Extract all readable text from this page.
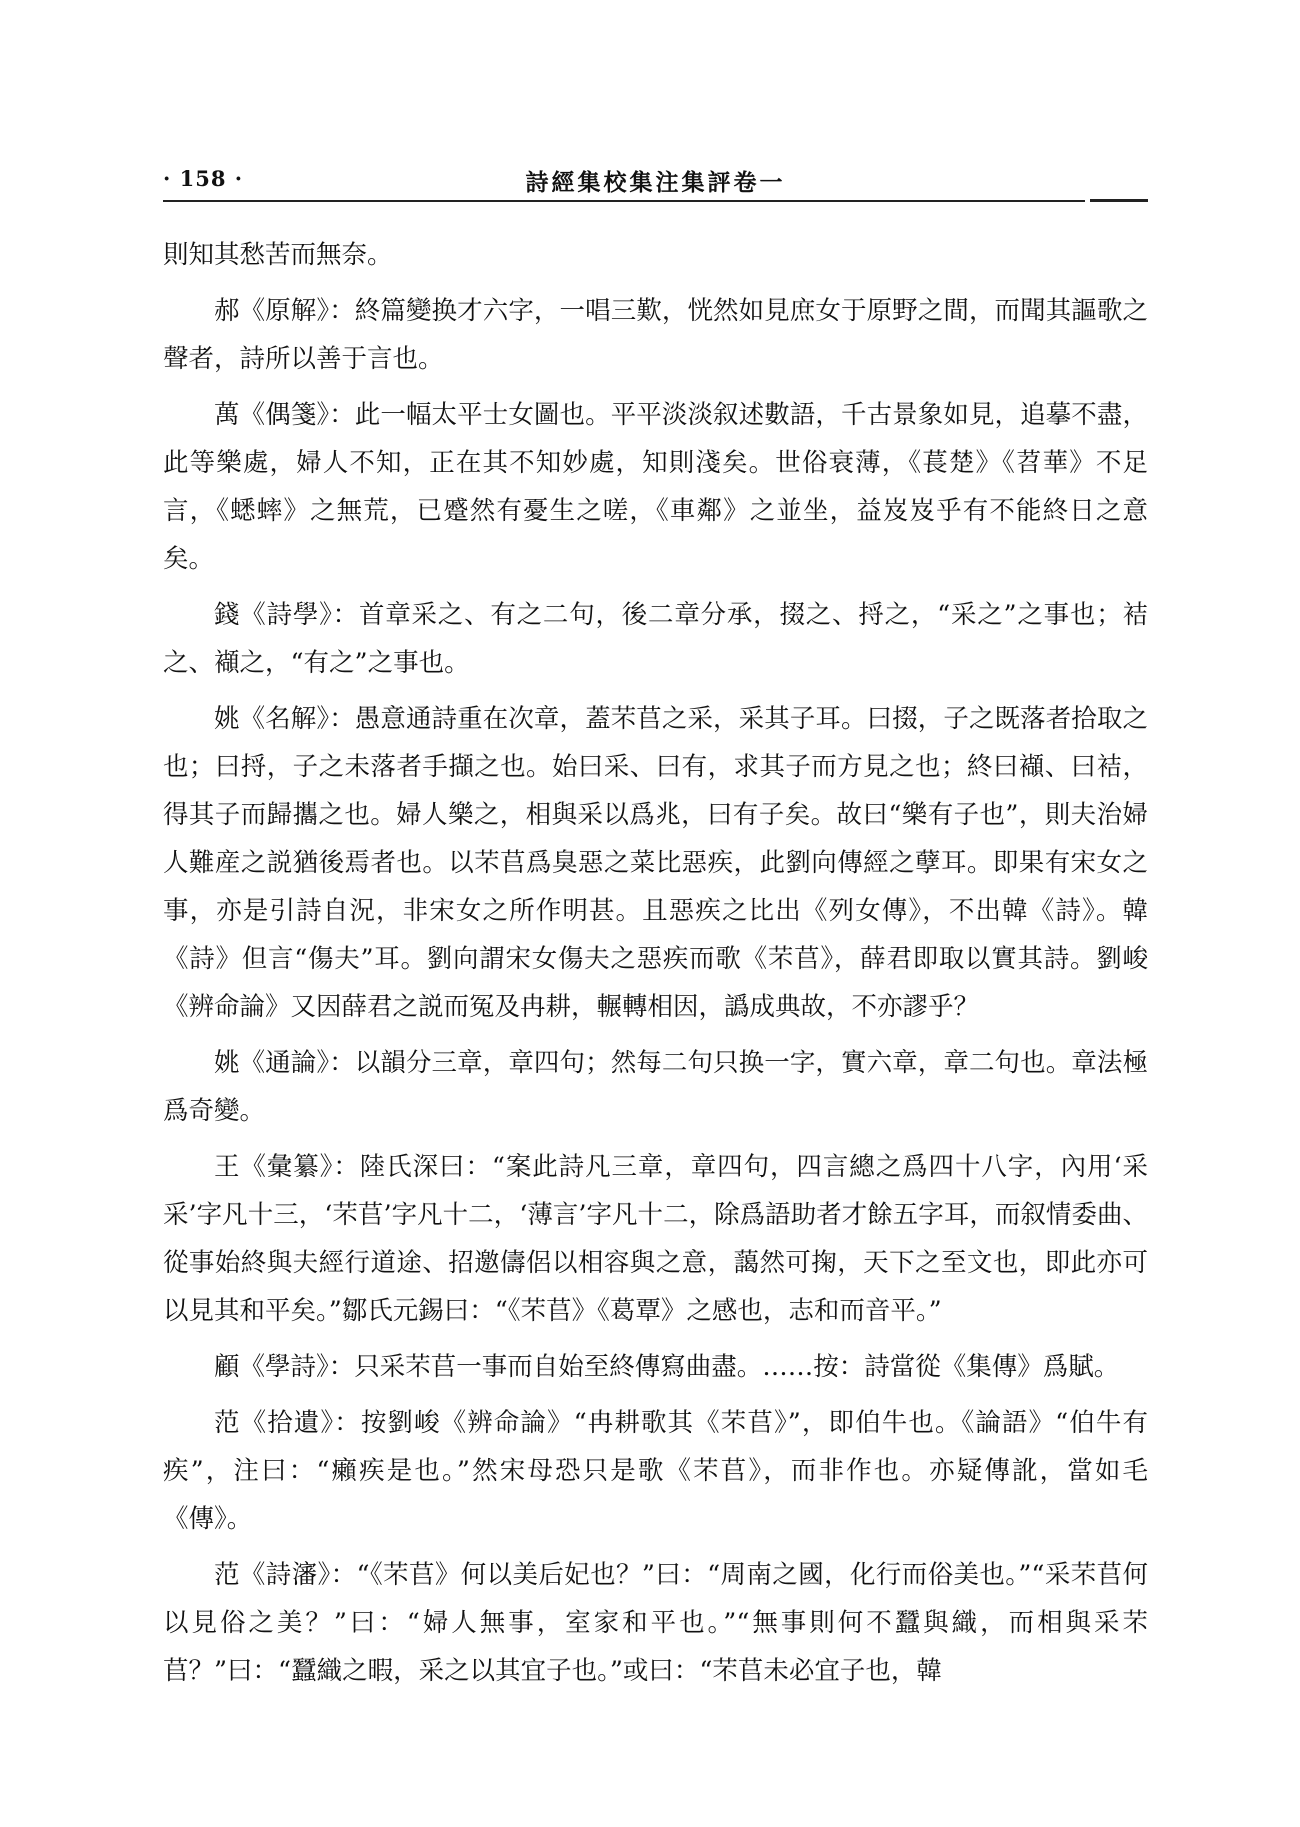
· 158 ·	詩經集校集注集評卷一

則知其愁苦而無奈。

郝《原解》：終篇變换才六字，一唱三歎，恍然如見庶女于原野之間，而聞其謳歌之聲者，詩所以善于言也。

萬《偶箋》：此一幅太平士女圖也。平平淡淡叙述數語，千古景象如見，追摹不盡，此等樂處，婦人不知，正在其不知妙處，知則淺矣。世俗衰薄，《萇楚》《苕華》不足言，《蟋蟀》之無荒，已蹙然有憂生之嗟，《車鄰》之並坐，益岌岌乎有不能終日之意矣。

錢《詩學》：首章采之、有之二句，後二章分承，掇之、捋之，“采之”之事也；袺之、襭之，“有之”之事也。

姚《名解》：愚意通詩重在次章，蓋芣苢之采，采其子耳。曰掇，子之既落者拾取之也；曰捋，子之未落者手擷之也。始曰采、曰有，求其子而方見之也；終曰襭、曰袺，得其子而歸攜之也。婦人樂之，相與采以爲兆，曰有子矣。故曰“樂有子也”，則夫治婦人難産之説猶後焉者也。以芣苢爲臭惡之菜比惡疾，此劉向傳經之孽耳。即果有宋女之事，亦是引詩自況，非宋女之所作明甚。且惡疾之比出《列女傳》，不出韓《詩》。韓《詩》但言“傷夫”耳。劉向謂宋女傷夫之惡疾而歌《芣苢》，薛君即取以實其詩。劉峻《辨命論》又因薛君之説而冤及冉耕，輾轉相因，譌成典故，不亦謬乎？

姚《通論》：以韻分三章，章四句；然每二句只换一字，實六章，章二句也。章法極爲奇變。

王《彙纂》：陸氏深曰：“案此詩凡三章，章四句，四言總之爲四十八字，內用‘采采’字凡十三，‘芣苢’字凡十二，‘薄言’字凡十二，除爲語助者才餘五字耳，而叙情委曲、從事始終與夫經行道途、招邀儔侶以相容與之意，藹然可掬，天下之至文也，即此亦可以見其和平矣。”鄒氏元錫曰：“《芣苢》《葛覃》之感也，志和而音平。”

顧《學詩》：只采芣苢一事而自始至終傳寫曲盡。……按：詩當從《集傳》爲賦。

范《拾遺》：按劉峻《辨命論》“冉耕歌其《芣苢》”，即伯牛也。《論語》“伯牛有疾”，注曰：“癩疾是也。”然宋母恐只是歌《芣苢》，而非作也。亦疑傳訛，當如毛《傳》。

范《詩瀋》：“《芣苢》何以美后妃也？”曰：“周南之國，化行而俗美也。”“采芣苢何以見俗之美？”曰：“婦人無事，室家和平也。”“無事則何不蠶與織，而相與采芣苢？”曰：“蠶織之暇，采之以其宜子也。”或曰：“芣苢未必宜子也，韓
